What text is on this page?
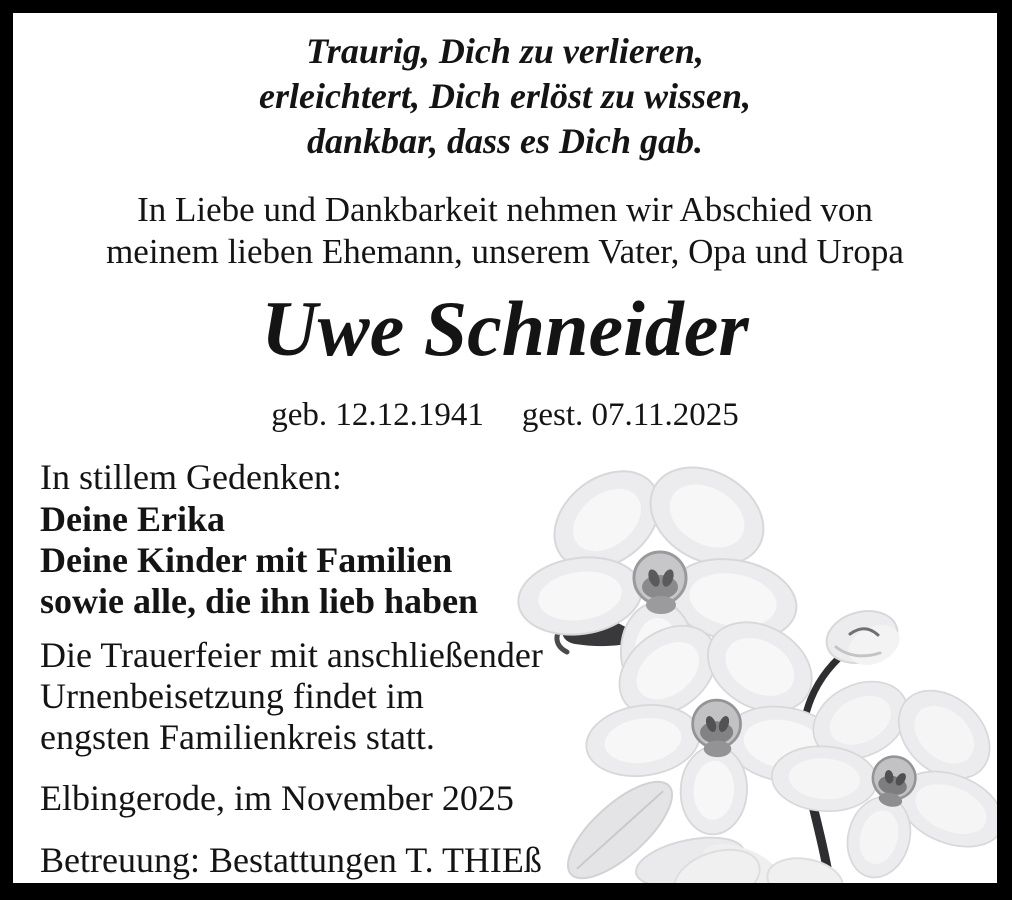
Traurig, Dich zu verlieren,
erleichtert, Dich erlöst zu wissen,
dankbar, dass es Dich gab.
In Liebe und Dankbarkeit nehmen wir Abschied von
meinem lieben Ehemann, unserem Vater, Opa und Uropa
Uwe Schneider
geb. 12.12.1941 gest. 07.11.2025
In stillem Gedenken:
Deine Erika
Deine Kinder mit Familien
sowie alle, die ihn lieb haben
Die Trauerfeier mit anschließender
Urnenbeisetzung findet im
engsten Familienkreis statt.
Elbingerode, im November 2025
Betreuung: Bestattungen T. THIEß
